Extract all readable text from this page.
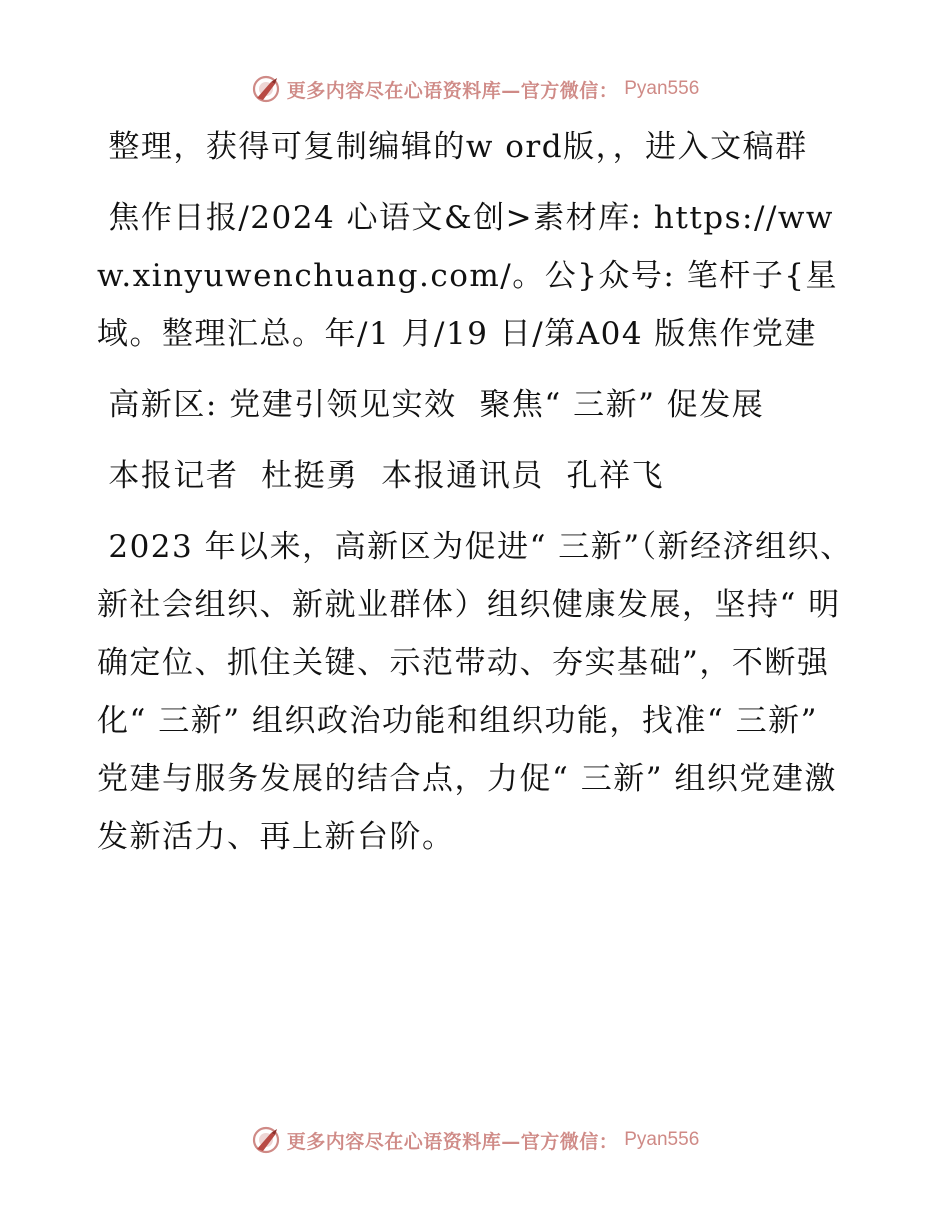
更多内容尽在心语资料库—官方微信： Pyan556

整理，获得可复制编辑的w ord版，，进入文稿群

焦作日报/2024 心语文&创>素材库: https://www.xinyuwenchuang.com/。公}众号: 笔杆子{星域。整理汇总。年/1 月/19 日/第A04 版焦作党建

高新区: 党建引领见实效  聚焦“ 三新” 促发展

本报记者  杜挺勇  本报通讯员  孔祥飞

2023 年以来，高新区为促进“ 三新”（新经济组织、新社会组织、新就业群体）组织健康发展，坚持“ 明确定位、抓住关键、示范带动、夯实基础”，不断强化“ 三新” 组织政治功能和组织功能，找准“ 三新” 党建与服务发展的结合点，力促“ 三新” 组织党建激发新活力、再上新台阶。

更多内容尽在心语资料库—官方微信： Pyan556
